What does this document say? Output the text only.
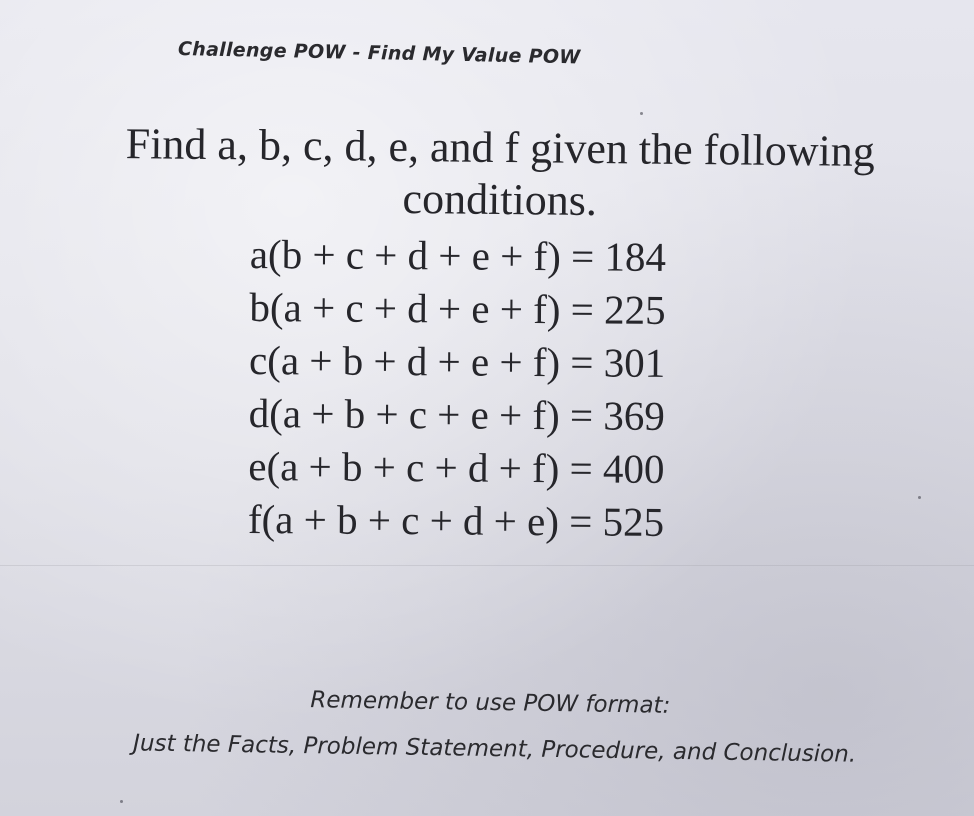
Challenge POW - Find My Value POW
Find a, b, c, d, e, and f given the following
conditions.
a(b + c + d + e + f) = 184
b(a + c + d + e + f) = 225
c(a + b + d + e + f) = 301
d(a + b + c + e + f) = 369
e(a + b + c + d + f) = 400
f(a + b + c + d + e) = 525
Remember to use POW format:
Just the Facts, Problem Statement, Procedure, and Conclusion.
